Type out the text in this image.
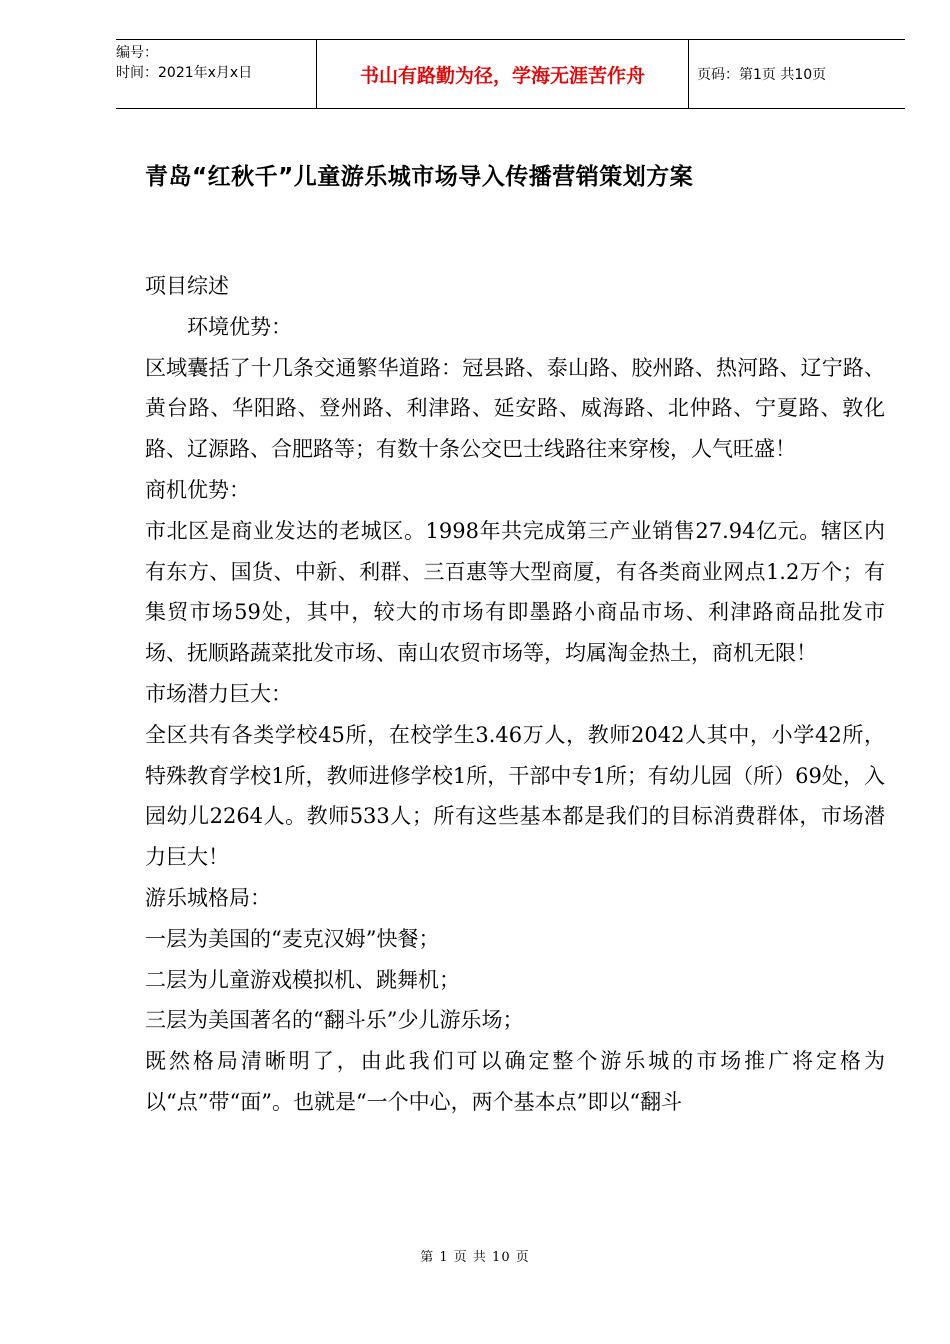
编号：
时间：2021年x月x日	书山有路勤为径，学海无涯苦作舟	页码：第1页 共10页
青岛“红秋千”儿童游乐城市场导入传播营销策划方案

项目综述

环境优势：

区域囊括了十几条交通繁华道路：冠县路、泰山路、胶州路、热河路、辽宁路、黄台路、华阳路、登州路、利津路、延安路、威海路、北仲路、宁夏路、敦化路、辽源路、合肥路等；有数十条公交巴士线路往来穿梭，人气旺盛！

商机优势：

市北区是商业发达的老城区。1998年共完成第三产业销售27.94亿元。辖区内有东方、国货、中新、利群、三百惠等大型商厦，有各类商业网点1.2万个；有集贸市场59处，其中，较大的市场有即墨路小商品市场、利津路商品批发市场、抚顺路蔬菜批发市场、南山农贸市场等，均属淘金热土，商机无限！

市场潜力巨大：

全区共有各类学校45所，在校学生3.46万人，教师2042人其中，小学42所，特殊教育学校1所，教师进修学校1所，干部中专1所；有幼儿园（所）69处，入园幼儿2264人。教师533人；所有这些基本都是我们的目标消费群体，市场潜力巨大！

游乐城格局：

一层为美国的“麦克汉姆”快餐；

二层为儿童游戏模拟机、跳舞机；

三层为美国著名的“翻斗乐”少儿游乐场；

既然格局清晰明了，由此我们可以确定整个游乐城的市场推广将定格为以“点”带“面”。也就是“一个中心，两个基本点”即以“翻斗

第 1 页 共 10 页
